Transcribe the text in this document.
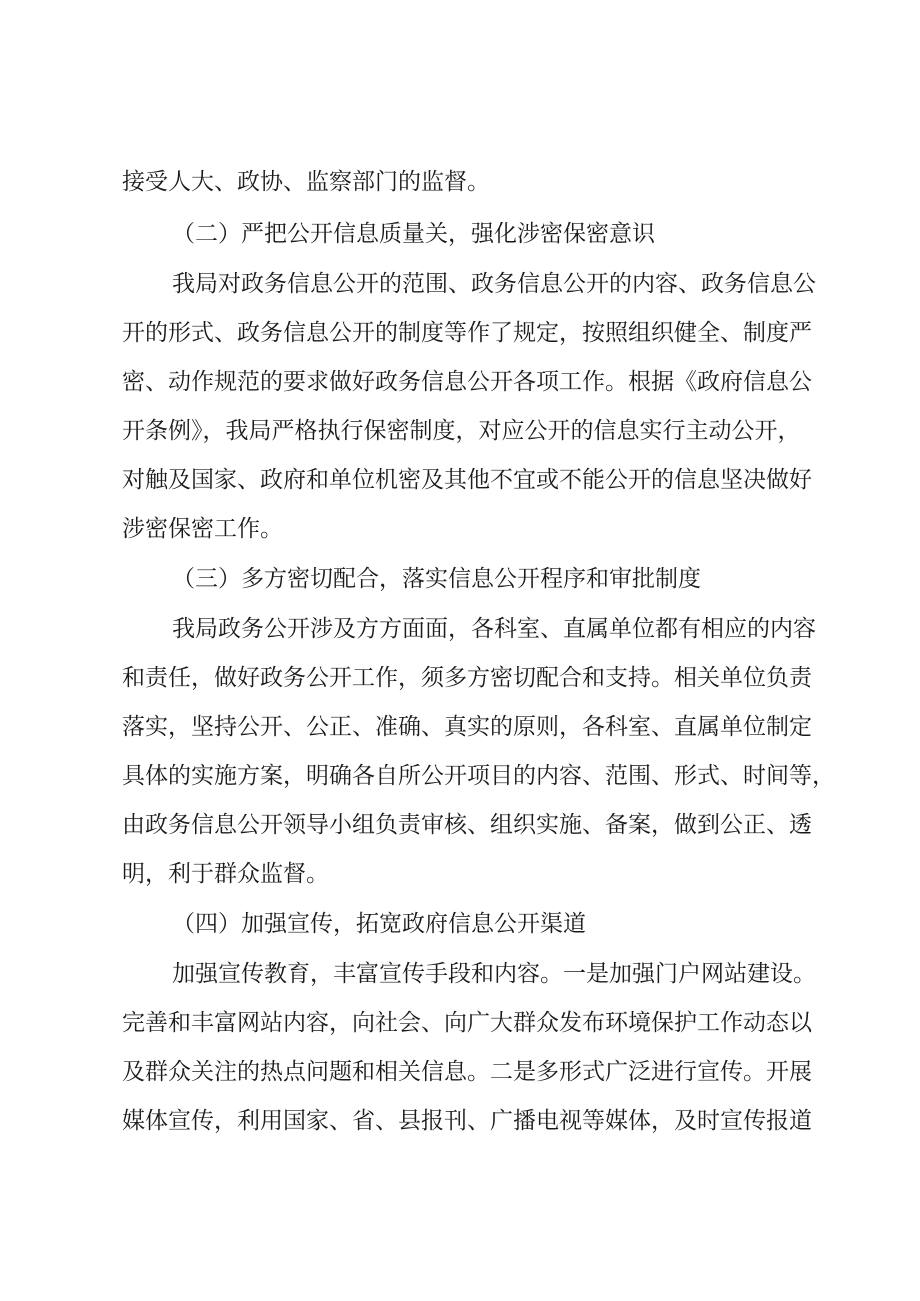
接受人大、政协、监察部门的监督。
（二）严把公开信息质量关，强化涉密保密意识
我局对政务信息公开的范围、政务信息公开的内容、政务信息公
开的形式、政务信息公开的制度等作了规定，按照组织健全、制度严
密、动作规范的要求做好政务信息公开各项工作。根据《政府信息公
开条例》，我局严格执行保密制度，对应公开的信息实行主动公开，
对触及国家、政府和单位机密及其他不宜或不能公开的信息坚决做好
涉密保密工作。
（三）多方密切配合，落实信息公开程序和审批制度
我局政务公开涉及方方面面，各科室、直属单位都有相应的内容
和责任，做好政务公开工作，须多方密切配合和支持。相关单位负责
落实，坚持公开、公正、准确、真实的原则，各科室、直属单位制定
具体的实施方案，明确各自所公开项目的内容、范围、形式、时间等，
由政务信息公开领导小组负责审核、组织实施、备案，做到公正、透
明，利于群众监督。
（四）加强宣传，拓宽政府信息公开渠道
加强宣传教育，丰富宣传手段和内容。一是加强门户网站建设。
完善和丰富网站内容，向社会、向广大群众发布环境保护工作动态以
及群众关注的热点问题和相关信息。二是多形式广泛进行宣传。开展
媒体宣传，利用国家、省、县报刊、广播电视等媒体，及时宣传报道
